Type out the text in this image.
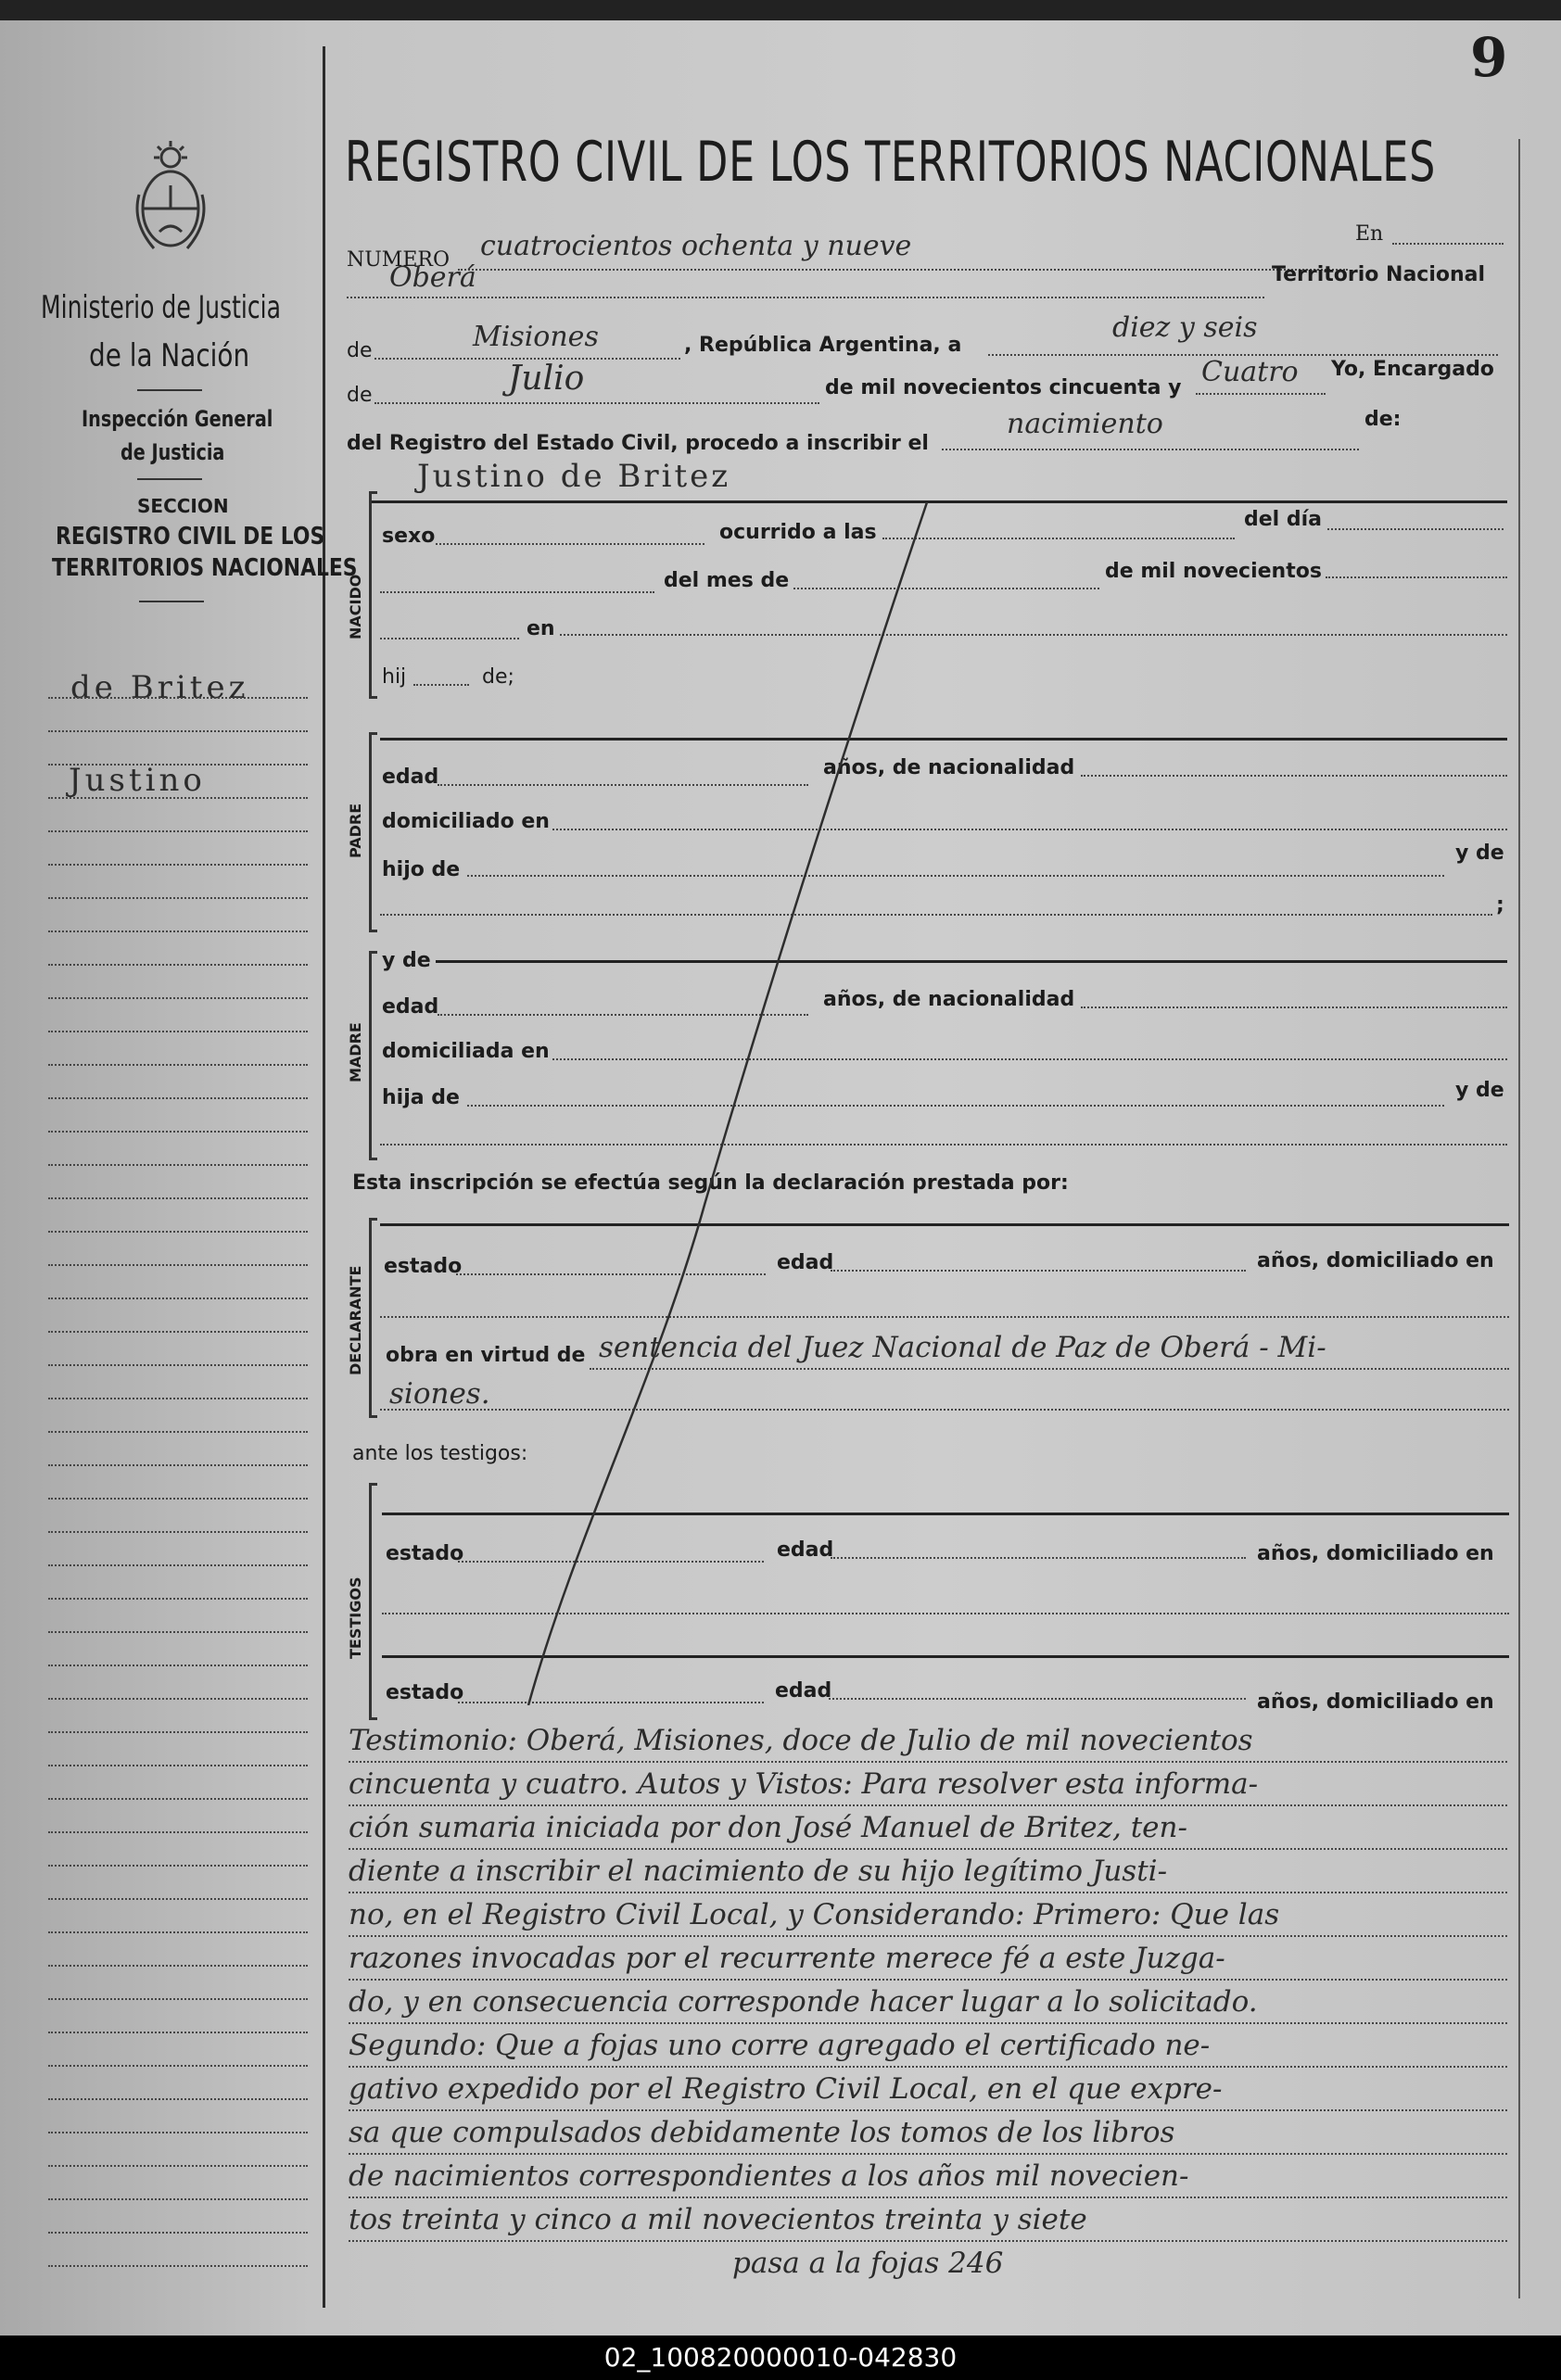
9
Ministerio de Justicia
de la Nación
Inspección General
de Justicia
SECCION
REGISTRO CIVIL DE LOS
TERRITORIOS NACIONALES
de Britez
Justino
REGISTRO CIVIL DE LOS TERRITORIOS NACIONALES
NUMERO cuatrocientos ochenta y nueve	En
Oberá	Territorio Nacional
de	Misiones	, República Argentina, a
diez y seis
de	Julio	de mil novecientos cincuenta y Cuatro Yo, Encargado
del Registro del Estado Civil, procedo a inscribir el
nacimiento	de:
Justino de Britez
NACIDO
sexo	ocurrido a las
del día
del mes de	de mil novecientos
en
hij	de;
PADRE
edad	años, de nacionalidad
domiciliado en
hijo de
y de
;
MADRE
y de
edad	años, de nacionalidad
domiciliada en
hija de	y de
Esta inscripción se efectúa según la declaración prestada por:
DECLARANTE estado	edad	años, domiciliado en
obra en virtud de sentencia del Juez Nacional de Paz de Oberá - Mi-
siones.
ante los testigos:
TESTIGOS
estado	edad	años, domiciliado en
estado	edad	años, domiciliado en
Testimonio: Oberá, Misiones, doce de Julio de mil novecientos
cincuenta y cuatro. Autos y Vistos: Para resolver esta informa-
ción sumaria iniciada por don José Manuel de Britez, ten-
diente a inscribir el nacimiento de su hijo legítimo Justi-
no, en el Registro Civil Local, y Considerando: Primero: Que las
razones invocadas por el recurrente merece fé a este Juzga-
do, y en consecuencia corresponde hacer lugar a lo solicitado.
Segundo: Que a fojas uno corre agregado el certificado ne-
gativo expedido por el Registro Civil Local, en el que expre-
sa que compulsados debidamente los tomos de los libros
de nacimientos correspondientes a los años mil novecien-
tos treinta y cinco a mil novecientos treinta y siete
pasa a la fojas 246
02_100820000010-042830
